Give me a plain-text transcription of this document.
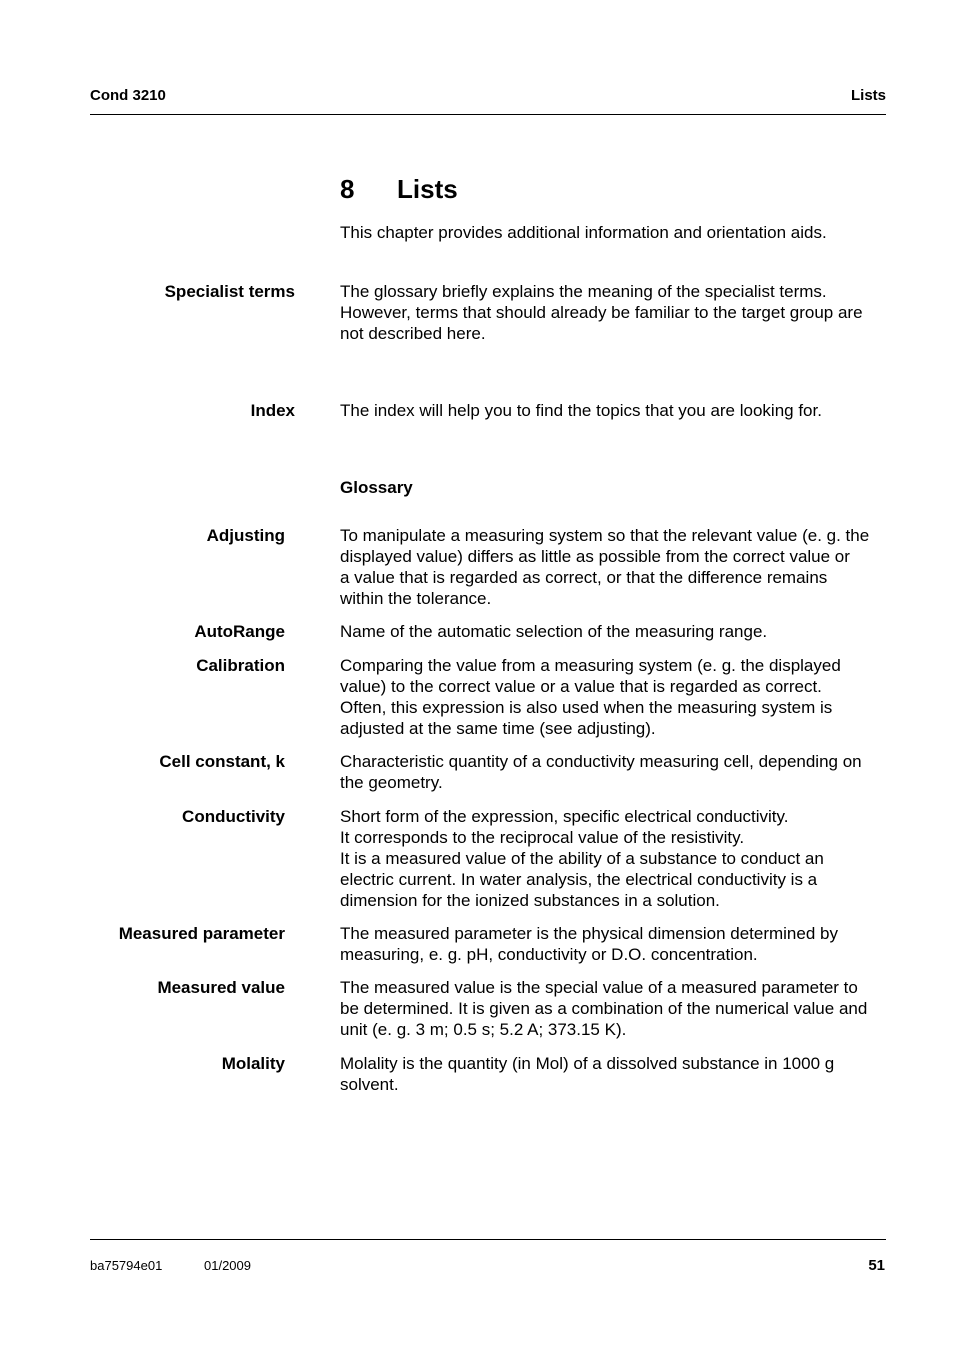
Cond 3210	Lists
8 Lists
This chapter provides additional information and orientation aids.
Specialist terms	The glossary briefly explains the meaning of the specialist terms.
However, terms that should already be familiar to the target group are
not described here.
Index	The index will help you to find the topics that you are looking for.
Glossary
Adjusting	To manipulate a measuring system so that the relevant value (e. g. the
displayed value) differs as little as possible from the correct value or
a value that is regarded as correct, or that the difference remains
within the tolerance.
AutoRange	Name of the automatic selection of the measuring range.
Calibration	Comparing the value from a measuring system (e. g. the displayed
value) to the correct value or a value that is regarded as correct.
Often, this expression is also used when the measuring system is
adjusted at the same time (see adjusting).
Cell constant, k	Characteristic quantity of a conductivity measuring cell, depending on
the geometry.
Conductivity	Short form of the expression, specific electrical conductivity.
It corresponds to the reciprocal value of the resistivity.
It is a measured value of the ability of a substance to conduct an
electric current. In water analysis, the electrical conductivity is a
dimension for the ionized substances in a solution.
Measured parameter	The measured parameter is the physical dimension determined by
measuring, e. g. pH, conductivity or D.O. concentration.
Measured value	The measured value is the special value of a measured parameter to
be determined. It is given as a combination of the numerical value and
unit (e. g. 3 m; 0.5 s; 5.2 A; 373.15 K).
Molality	Molality is the quantity (in Mol) of a dissolved substance in 1000 g
solvent.
ba75794e01	01/2009	51
